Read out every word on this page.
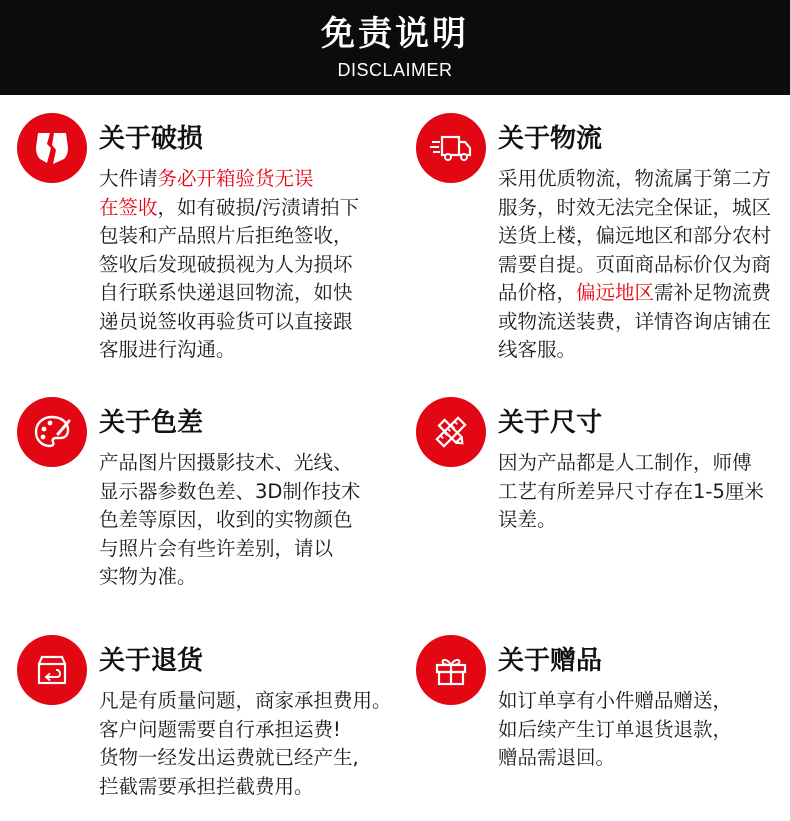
免责说明
DISCLAIMER
关于破损
大件请务必开箱验货无误
在签收，如有破损/污渍请拍下
包装和产品照片后拒绝签收，
签收后发现破损视为人为损坏
自行联系快递退回物流，如快
递员说签收再验货可以直接跟
客服进行沟通。
关于物流
采用优质物流，物流属于第二方
服务，时效无法完全保证，城区
送货上楼，偏远地区和部分农村
需要自提。页面商品标价仅为商
品价格，偏远地区需补足物流费
或物流送装费，详情咨询店铺在
线客服。
关于色差
产品图片因摄影技术、光线、
显示器参数色差、3D制作技术
色差等原因，收到的实物颜色
与照片会有些许差别，请以
实物为准。
关于尺寸
因为产品都是人工制作，师傅
工艺有所差异尺寸存在1-5厘米
误差。
关于退货
凡是有质量问题，商家承担费用。
客户问题需要自行承担运费!
货物一经发出运费就已经产生,
拦截需要承担拦截费用。
关于赠品
如订单享有小件赠品赠送，
如后续产生订单退货退款，
赠品需退回。
